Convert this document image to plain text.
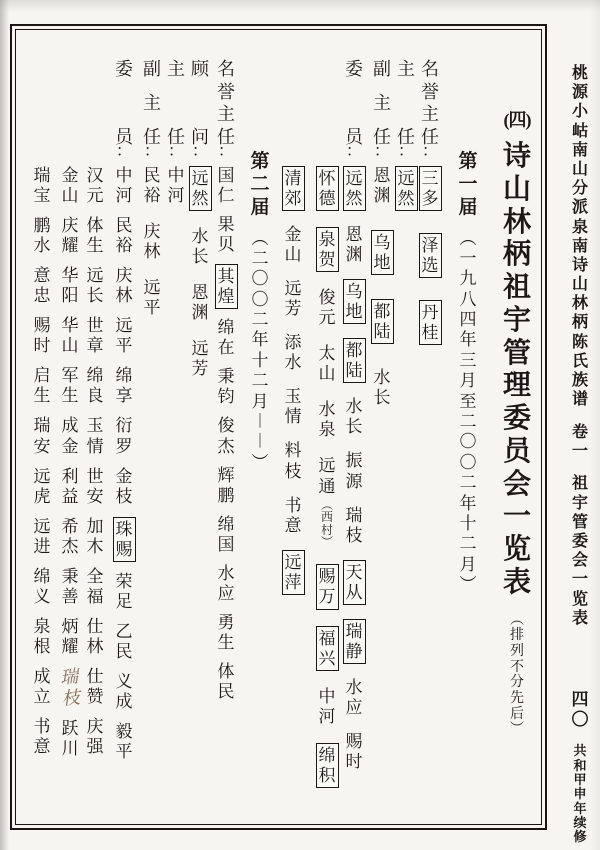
桃
源
小
岵
南
山
分
派
泉
南
诗
山
林
柄
陈
氏
族
谱
卷
一
祖
宇
管
委
会
一
览
表
四
〇
共
和
甲
申
年
续
修
(四)
诗
山
林
柄
祖
宇
管
理
委
员
会
一
览
表
︵
排
列
不
分
先
后
︶
第
一
届
︵
一
九
八
四
年
三
月
至
二
〇
〇
二
年
十
二
月
︶
名
誉
主
任
：
三
多
泽
选
丹
桂
主
任
：
远
然
副
主
任
：
恩
渊
乌
地
都
陆
水
长
委
员
：
远
然
恩
渊
乌
地
都
陆
水
长
振
源
瑞
枝
天
从
瑞
静
水
应
赐
时
怀
德
泉
贺
俊
元
太
山
水
泉
远
通
︵
西
村
︶
赐
万
福
兴
中
河
绵
积
清
郊
金
山
远
芳
添
水
玉
情
料
枝
书
意
远
萍
第
二
届
︵
二
〇
〇
二
年
十
二
月
︱
︱
︶
名
誉
主
任
：
国
仁
果
贝
其
煌
绵
在
秉
钧
俊
杰
辉
鹏
绵
国
水
应
勇
生
体
民
顾
问
：
远
然
水
长
恩
渊
远
芳
主
任
：
中
河
副
主
任
：
民
裕
庆
林
远
平
委
员
：
中
河
民
裕
庆
林
远
平
绵
享
衍
罗
金
枝
珠
赐
荣
足
乙
民
义
成
毅
平
汉
元
体
生
远
长
世
章
绵
良
玉
情
世
安
加
木
全
福
仕
林
仕
赞
庆
强
金
山
庆
耀
华
阳
华
山
军
生
成
金
利
益
希
杰
秉
善
炳
耀
瑞
枝
跃
川
瑞
宝
鹏
水
意
忠
赐
时
启
生
瑞
安
远
虎
远
进
绵
义
泉
根
成
立
书
意
